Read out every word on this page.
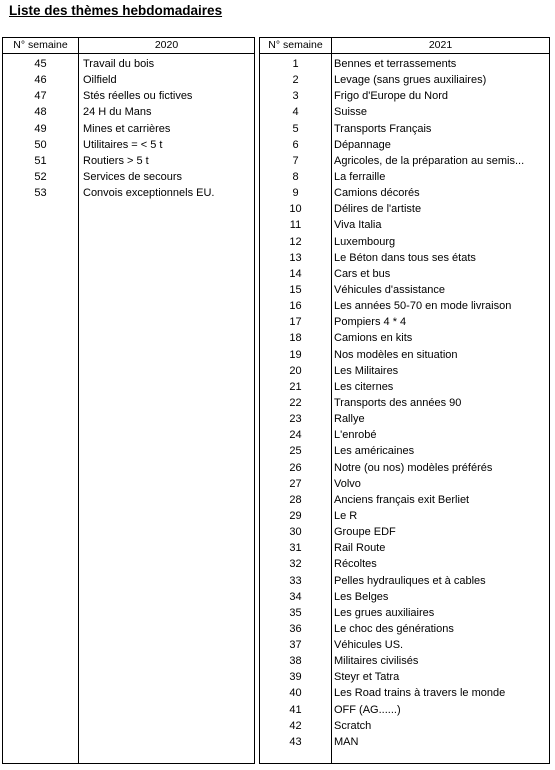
Liste des thèmes hebdomadaires
N° semaine	2020
45	Travail du bois
46	Oilfield
47	Stés réelles ou fictives
48	24 H du Mans
49	Mines et carrières
50	Utilitaires = < 5 t
51	Routiers > 5 t
52	Services de secours
53	Convois exceptionnels EU.
N° semaine	2021
1	Bennes et terrassements
2	Levage (sans grues auxiliaires)
3	Frigo d'Europe du Nord
4	Suisse
5	Transports Français
6	Dépannage
7	Agricoles, de la préparation au semis...
8	La ferraille
9	Camions décorés
10	Délires de l'artiste
11	Viva Italia
12	Luxembourg
13	Le Béton dans tous ses états
14	Cars et bus
15	Véhicules d'assistance
16	Les années 50-70 en mode livraison
17	Pompiers 4 * 4
18	Camions en kits
19	Nos modèles en situation
20	Les Militaires
21	Les citernes
22	Transports des années 90
23	Rallye
24	L'enrobé
25	Les américaines
26	Notre (ou nos) modèles préférés
27	Volvo
28	Anciens français exit Berliet
29	Le R
30	Groupe EDF
31	Rail Route
32	Récoltes
33	Pelles hydrauliques et à cables
34	Les Belges
35	Les grues auxiliaires
36	Le choc des générations
37	Véhicules US.
38	Militaires civilisés
39	Steyr et Tatra
40	Les Road trains à travers le monde
41	OFF (AG......)
42	Scratch
43	MAN
